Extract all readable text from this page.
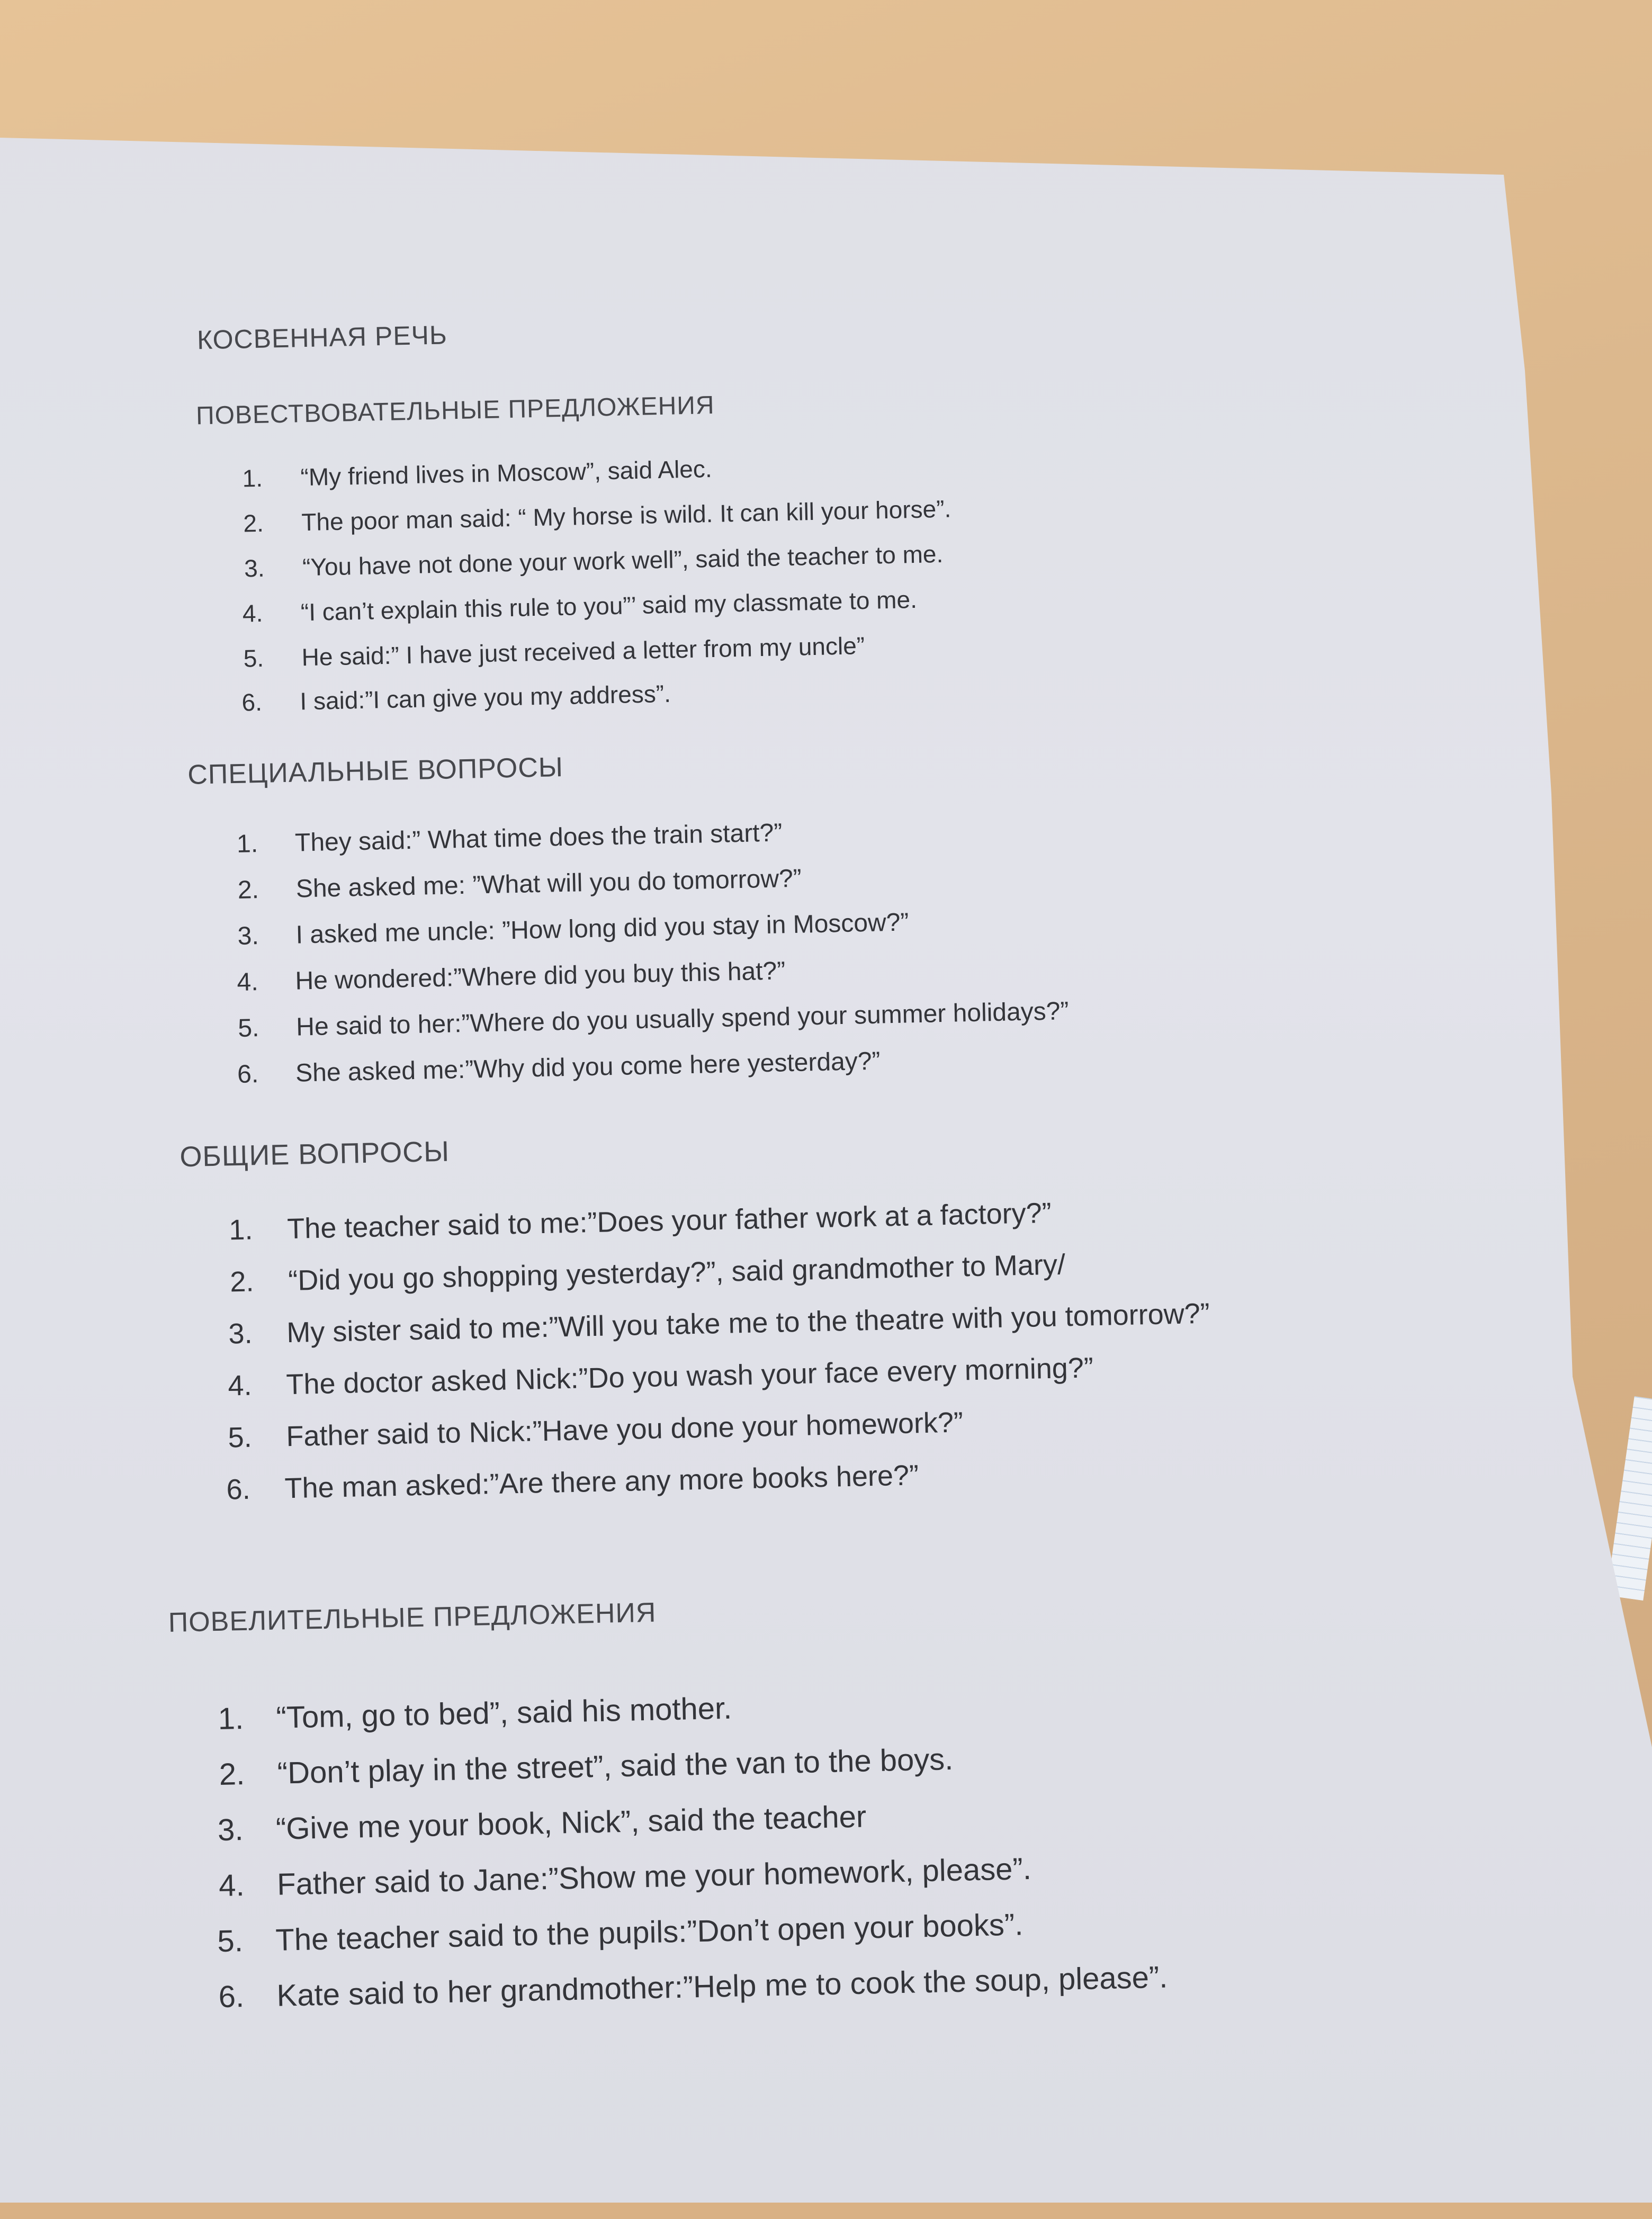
КОСВЕННАЯ РЕЧЬ
ПОВЕСТВОВАТЕЛЬНЫЕ ПРЕДЛОЖЕНИЯ
1. “My friend lives in Moscow”, said Alec.
2. The poor man said: “ My horse is wild. It can kill your horse”.
3. “You have not done your work well”, said the teacher to me.
4. “I can’t explain this rule to you”’ said my classmate to me.
5. He said:” I have just received a letter from my uncle”
6. I said:”I can give you my address”.
СПЕЦИАЛЬНЫЕ ВОПРОСЫ
1. They said:” What time does the train start?”
2. She asked me: ”What will you do tomorrow?”
3. I asked me uncle: ”How long did you stay in Moscow?”
4. He wondered:”Where did you buy this hat?”
5. He said to her:”Where do you usually spend your summer holidays?”
6. She asked me:”Why did you come here yesterday?”
ОБЩИЕ ВОПРОСЫ
1. The teacher said to me:”Does your father work at a factory?”
2. “Did you go shopping yesterday?”, said grandmother to Mary/
3. My sister said to me:”Will you take me to the theatre with you tomorrow?”
4. The doctor asked Nick:”Do you wash your face every morning?”
5. Father said to Nick:”Have you done your homework?”
6. The man asked:”Are there any more books here?”
ПОВЕЛИТЕЛЬНЫЕ ПРЕДЛОЖЕНИЯ
1. “Tom, go to bed”, said his mother.
2. “Don’t play in the street”, said the van to the boys.
3. “Give me your book, Nick”, said the teacher
4. Father said to Jane:”Show me your homework, please”.
5. The teacher said to the pupils:”Don’t open your books”.
6. Kate said to her grandmother:”Help me to cook the soup, please”.
